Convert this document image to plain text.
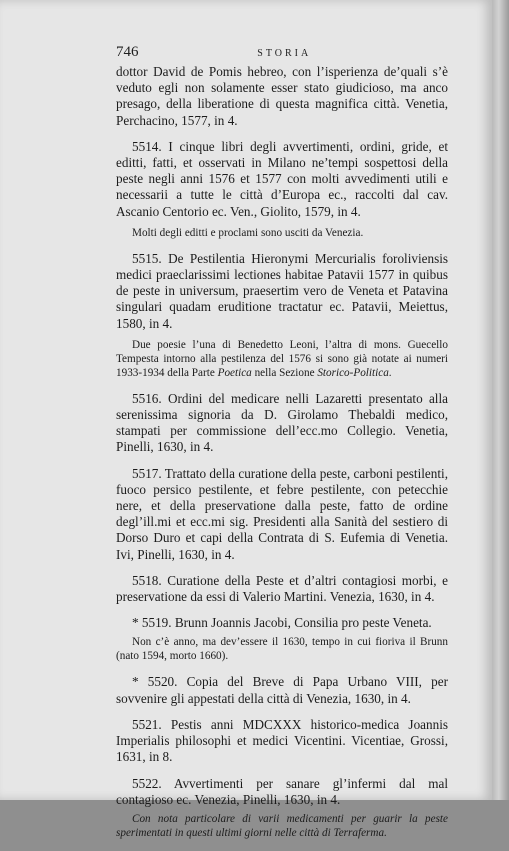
746	STORIA

dottor David de Pomis hebreo, con l’isperienza de’quali s’è veduto egli non solamente esser stato giudicioso, ma anco presago, della liberatione di questa magnifica città. Venetia, Perchacino, 1577, in 4.

5514. I cinque libri degli avvertimenti, ordini, gride, et editti, fatti, et osservati in Milano ne’tempi sospettosi della peste negli anni 1576 et 1577 con molti avvedimenti utili e necessarii a tutte le città d’Europa ec., raccolti dal cav. Ascanio Centorio ec. Ven., Giolito, 1579, in 4.

Molti degli editti e proclami sono usciti da Venezia.

5515. De Pestilentia Hieronymi Mercurialis foroliviensis medici praeclarissimi lectiones habitae Patavii 1577 in quibus de peste in universum, praesertim vero de Veneta et Patavina singulari quadam eruditione tractatur ec. Patavii, Meiettus, 1580, in 4.

Due poesie l’una di Benedetto Leoni, l’altra di mons. Guecello Tempesta intorno alla pestilenza del 1576 si sono già notate ai numeri 1933-1934 della Parte Poetica nella Sezione Storico-Politica.

5516. Ordini del medicare nelli Lazaretti presentato alla serenissima signoria da D. Girolamo Thebaldi medico, stampati per commissione dell’ecc.mo Collegio. Venetia, Pinelli, 1630, in 4.

5517. Trattato della curatione della peste, carboni pestilenti, fuoco persico pestilente, et febre pestilente, con petecchie nere, et della preservatione dalla peste, fatto de ordine degl’ill.mi et ecc.mi sig. Presidenti alla Sanità del sestiero di Dorso Duro et capi della Contrata di S. Eufemia di Venetia. Ivi, Pinelli, 1630, in 4.

5518. Curatione della Peste et d’altri contagiosi morbi, e preservatione da essi di Valerio Martini. Venezia, 1630, in 4.

* 5519. Brunn Joannis Jacobi, Consilia pro peste Veneta.

Non c’è anno, ma dev’essere il 1630, tempo in cui fioriva il Brunn (nato 1594, morto 1660).

* 5520. Copia del Breve di Papa Urbano VIII, per sovvenire gli appestati della città di Venezia, 1630, in 4.

5521. Pestis anni MDCXXX historico-medica Joannis Imperialis philosophi et medici Vicentini. Vicentiae, Grossi, 1631, in 8.

5522. Avvertimenti per sanare gl’infermi dal mal contagioso ec. Venezia, Pinelli, 1630, in 4.

Con nota particolare di varii medicamenti per guarir la peste sperimentati in questi ultimi giorni nelle città di Terraferma.
